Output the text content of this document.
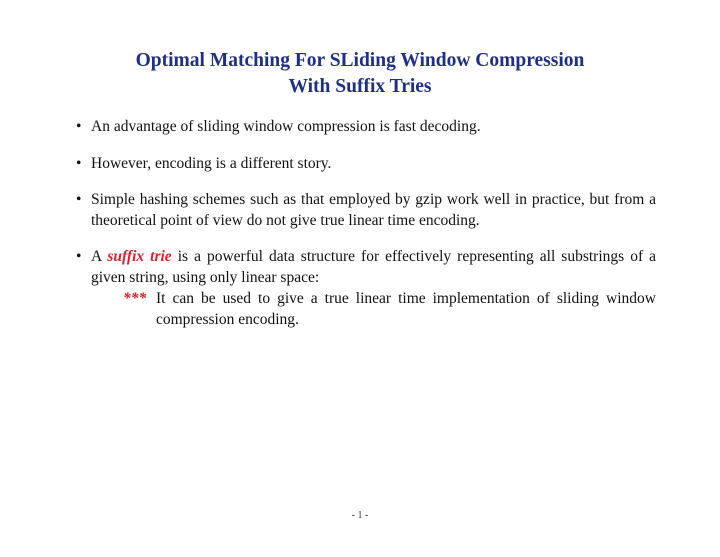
Optimal Matching For SLiding Window Compression
With Suffix Tries
• An advantage of sliding window compression is fast decoding.
• However, encoding is a different story.
• Simple hashing schemes such as that employed by gzip work well in practice, but from a theoretical point of view do not give true linear time encoding.
• A suffix trie is a powerful data structure for effectively representing all substrings of a given string, using only linear space:
*** It can be used to give a true linear time implementation of sliding window compression encoding.
- 1 -
